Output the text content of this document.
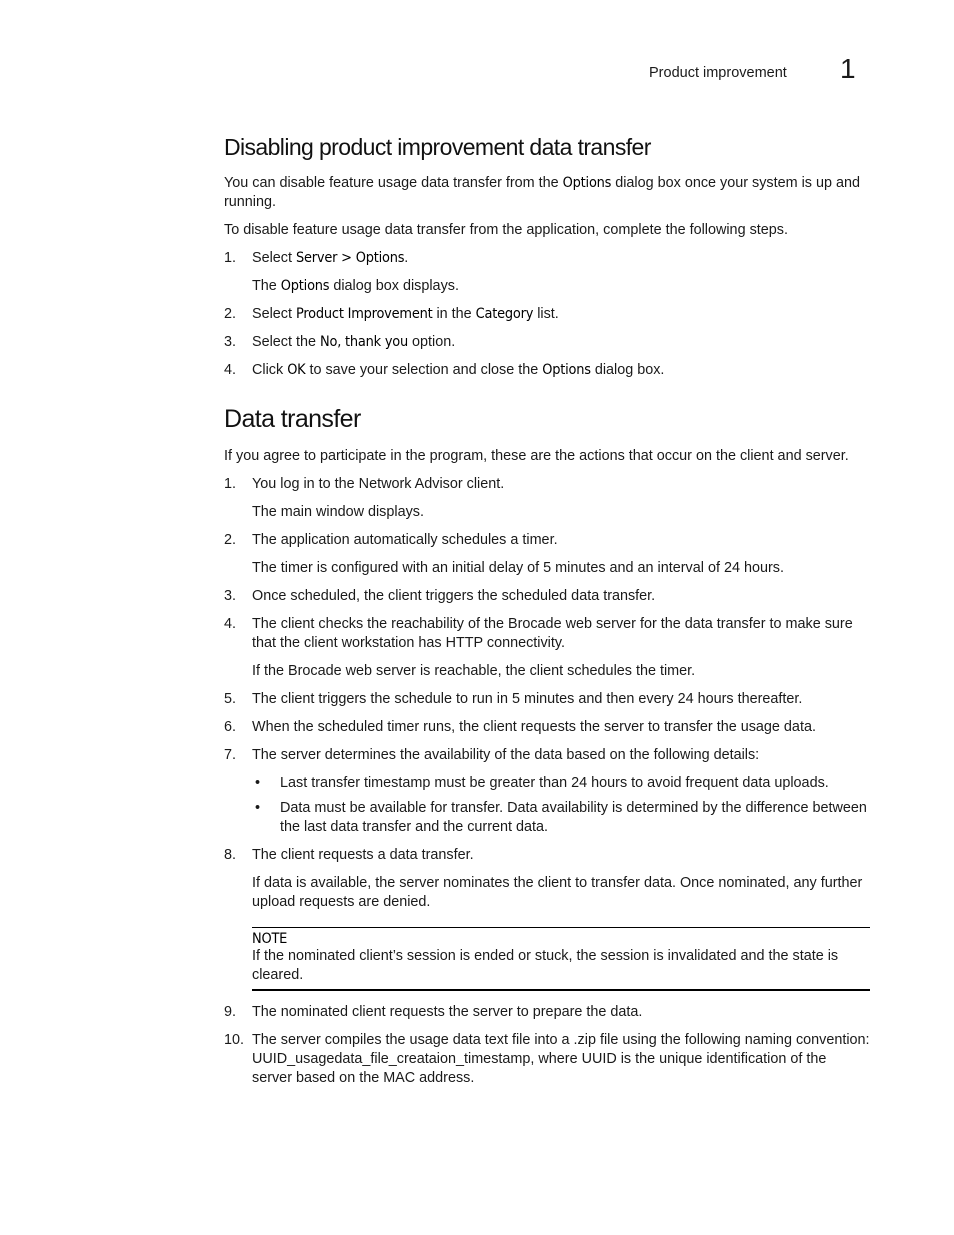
Product improvement 1
Disabling product improvement data transfer

You can disable feature usage data transfer from the Options dialog box once your system is up and running.

To disable feature usage data transfer from the application, complete the following steps.

1. Select Server > Options.

The Options dialog box displays.

2. Select Product Improvement in the Category list.

3. Select the No, thank you option.

4. Click OK to save your selection and close the Options dialog box.

Data transfer

If you agree to participate in the program, these are the actions that occur on the client and server.

1. You log in to the Network Advisor client.

The main window displays.

2. The application automatically schedules a timer.

The timer is configured with an initial delay of 5 minutes and an interval of 24 hours.

3. Once scheduled, the client triggers the scheduled data transfer.

4. The client checks the reachability of the Brocade web server for the data transfer to make sure that the client workstation has HTTP connectivity.

If the Brocade web server is reachable, the client schedules the timer.

5. The client triggers the schedule to run in 5 minutes and then every 24 hours thereafter.

6. When the scheduled timer runs, the client requests the server to transfer the usage data.

7. The server determines the availability of the data based on the following details:

• Last transfer timestamp must be greater than 24 hours to avoid frequent data uploads.

• Data must be available for transfer. Data availability is determined by the difference between the last data transfer and the current data.

8. The client requests a data transfer.

If data is available, the server nominates the client to transfer data. Once nominated, any further upload requests are denied.

NOTE

If the nominated client’s session is ended or stuck, the session is invalidated and the state is cleared.

9. The nominated client requests the server to prepare the data.

10. The server compiles the usage data text file into a .zip file using the following naming convention: UUID_usagedata_file_creataion_timestamp, where UUID is the unique identification of the server based on the MAC address.
